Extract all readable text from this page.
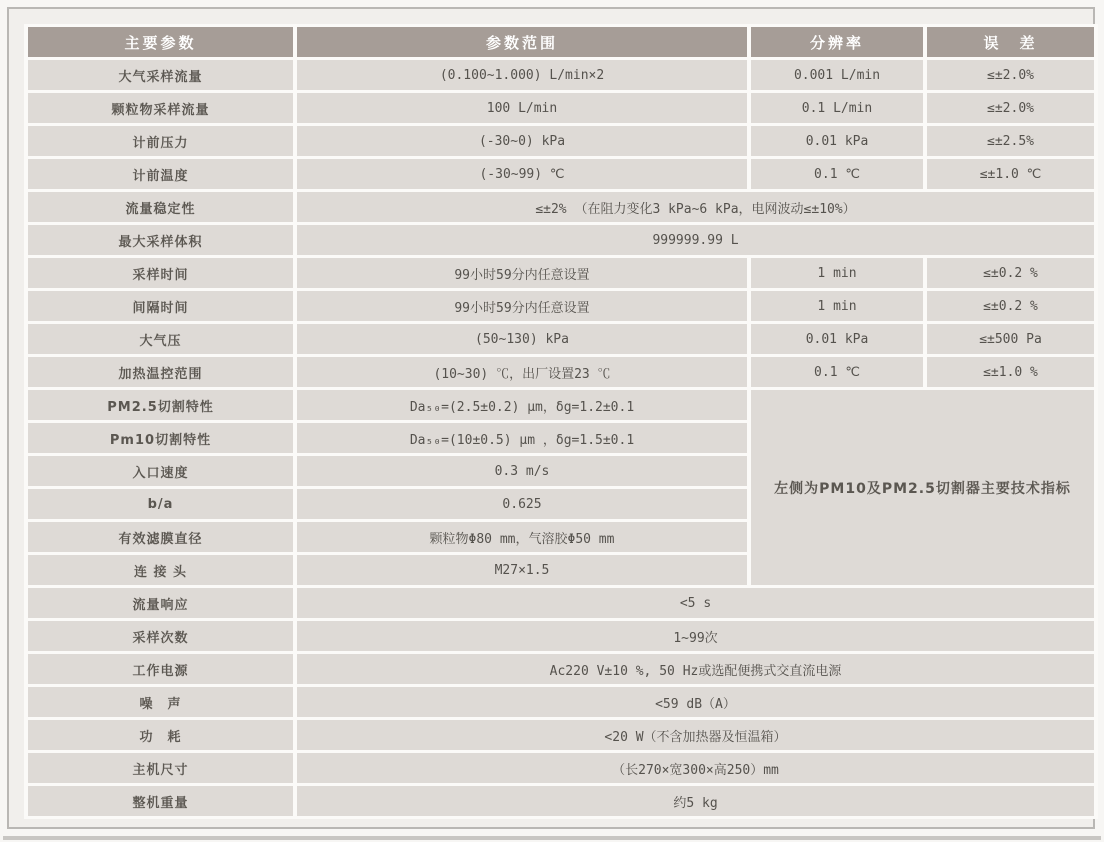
主要参数	参数范围	分辨率	误　差
大气采样流量	(0.100~1.000) L/min×2	0.001 L/min	≤±2.0%
颗粒物采样流量	100 L/min	0.1 L/min	≤±2.0%
计前压力	(-30~0) kPa	0.01 kPa	≤±2.5%
计前温度	(-30~99) ℃	0.1 ℃	≤±1.0 ℃
流量稳定性	≤±2% （在阻力变化3 kPa~6 kPa，电网波动≤±10%）		
最大采样体积	999999.99 L		
采样时间	99小时59分内任意设置	1 min	≤±0.2 %
间隔时间	99小时59分内任意设置	1 min	≤±0.2 %
大气压	(50~130) kPa	0.01 kPa	≤±500 Pa
加热温控范围	(10~30) ℃，出厂设置23 ℃	0.1 ℃	≤±1.0 %
PM2.5切割特性	Da₅₀=(2.5±0.2) μm，δg=1.2±0.1	左侧为PM10及PM2.5切割器主要技术指标	
Pm10切割特性	Da₅₀=(10±0.5) μm ，δg=1.5±0.1		
入口速度	0.3 m/s		
b/a	0.625		
有效滤膜直径	颗粒物Φ80 mm，气溶胶Φ50 mm		
连 接 头	M27×1.5		
流量响应	<5 s		
采样次数	1~99次		
工作电源	Ac220 V±10 %, 50 Hz或选配便携式交直流电源		
噪　声	<59 dB（A）		
功　耗	<20 W（不含加热器及恒温箱）		
主机尺寸	（长270×宽300×高250）mm		
整机重量	约5 kg		
